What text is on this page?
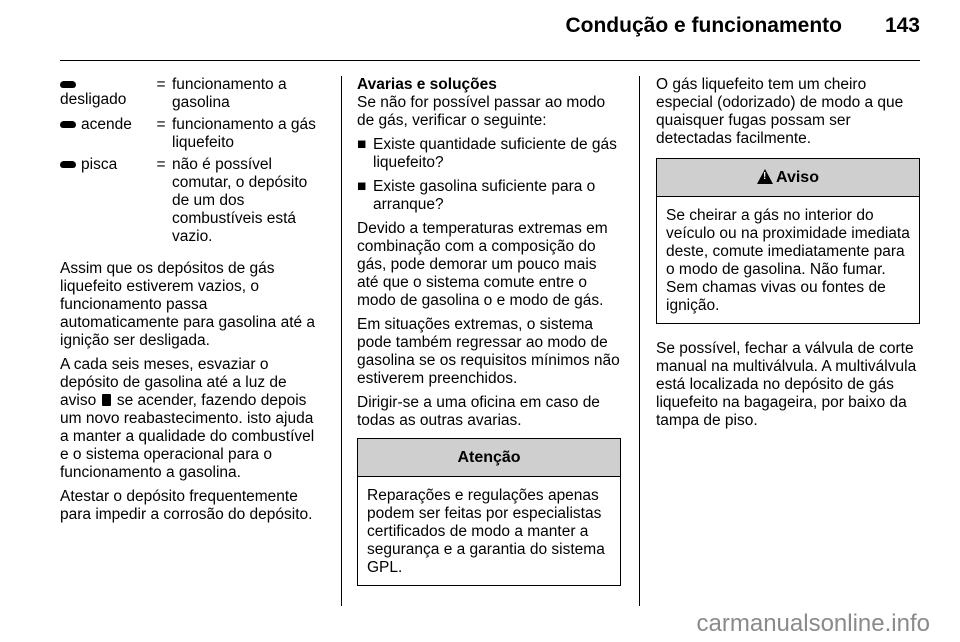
Condução e funcionamento 143
desligado
= funcionamento a gasolina
acende	= funcionamento a gás liquefeito
pisca	= não é possível comutar, o depósito de um dos combustíveis está vazio.

Assim que os depósitos de gás liquefeito estiverem vazios, o funcionamento passa automaticamente para gasolina até a ignição ser desligada.

A cada seis meses, esvaziar o depósito de gasolina até a luz de aviso se acender, fazendo depois um novo reabastecimento. isto ajuda a manter a qualidade do combustível e o sistema operacional para o funcionamento a gasolina.

Atestar o depósito frequentemente para impedir a corrosão do depósito.

Avarias e soluções

Se não for possível passar ao modo de gás, verificar o seguinte:

■ Existe quantidade suficiente de gás liquefeito?
■ Existe gasolina suficiente para o arranque?

Devido a temperaturas extremas em combinação com a composição do gás, pode demorar um pouco mais até que o sistema comute entre o modo de gasolina o e modo de gás.

Em situações extremas, o sistema pode também regressar ao modo de gasolina se os requisitos mínimos não estiverem preenchidos.

Dirigir-se a uma oficina em caso de todas as outras avarias.

Atenção
Reparações e regulações apenas podem ser feitas por especialistas certificados de modo a manter a segurança e a garantia do sistema GPL.

O gás liquefeito tem um cheiro especial (odorizado) de modo a que quaisquer fugas possam ser detectadas facilmente.

!Aviso
Se cheirar a gás no interior do veículo ou na proximidade imediata deste, comute imediatamente para o modo de gasolina. Não fumar. Sem chamas vivas ou fontes de ignição.

Se possível, fechar a válvula de corte manual na multiválvula. A multiválvula está localizada no depósito de gás liquefeito na bagageira, por baixo da tampa de piso.

carmanualsonline.info
